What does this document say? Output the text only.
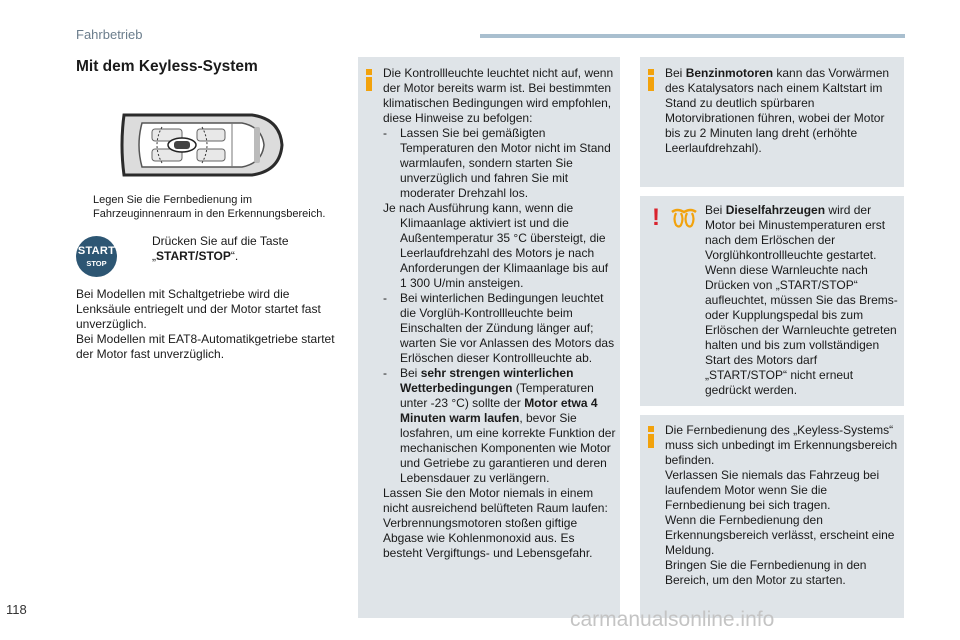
Fahrbetrieb
Mit dem Keyless-System
Legen Sie die Fernbedienung im Fahrzeuginnenraum in den Erkennungsbereich.
START
STOP
Drücken Sie auf die Taste „START/STOP“.
Bei Modellen mit Schaltgetriebe wird die Lenksäule entriegelt und der Motor startet fast unverzüglich.
Bei Modellen mit EAT8-Automatikgetriebe startet der Motor fast unverzüglich.

Die Kontrollleuchte leuchtet nicht auf, wenn der Motor bereits warm ist. Bei bestimmten klimatischen Bedingungen wird empfohlen, diese Hinweise zu befolgen:

- Lassen Sie bei gemäßigten Temperaturen den Motor nicht im Stand warmlaufen, sondern starten Sie unverzüglich und fahren Sie mit moderater Drehzahl los.

Je nach Ausführung kann, wenn die

Klimaanlage aktiviert ist und die Außentemperatur 35 °C übersteigt, die Leerlaufdrehzahl des Motors je nach Anforderungen der Klimaanlage bis auf 1 300 U/min ansteigen.

- Bei winterlichen Bedingungen leuchtet die Vorglüh-Kontrollleuchte beim Einschalten der Zündung länger auf; warten Sie vor Anlassen des Motors das Erlöschen dieser Kontrollleuchte ab.
- Bei sehr strengen winterlichen Wetterbedingungen (Temperaturen unter -23 °C) sollte der Motor etwa 4 Minuten warm laufen, bevor Sie losfahren, um eine korrekte Funktion der mechanischen Komponenten wie Motor und Getriebe zu garantieren und deren Lebensdauer zu verlängern.

Lassen Sie den Motor niemals in einem nicht ausreichend belüfteten Raum laufen: Verbrennungsmotoren stoßen giftige Abgase wie Kohlenmonoxid aus. Es besteht Vergiftungs- und Lebensgefahr.

Bei Benzinmotoren kann das Vorwärmen des Katalysators nach einem Kaltstart im Stand zu deutlich spürbaren Motorvibrationen führen, wobei der Motor bis zu 2 Minuten lang dreht (erhöhte Leerlaufdrehzahl).
!	Bei Dieselfahrzeugen wird der Motor bei Minustemperaturen erst nach dem Erlöschen der Vorglühkontrollleuchte gestartet. Wenn diese Warnleuchte nach Drücken von „START/STOP“ aufleuchtet, müssen Sie das Brems- oder Kupplungspedal bis zum Erlöschen der Warnleuchte getreten halten und bis zum vollständigen Start des Motors darf „START/STOP“ nicht erneut gedrückt werden.
Die Fernbedienung des „Keyless-Systems“ muss sich unbedingt im Erkennungsbereich befinden.
Verlassen Sie niemals das Fahrzeug bei laufendem Motor wenn Sie die Fernbedienung bei sich tragen.
Wenn die Fernbedienung den Erkennungsbereich verlässt, erscheint eine Meldung.
Bringen Sie die Fernbedienung in den Bereich, um den Motor zu starten.
118	carmanualsonline.info
